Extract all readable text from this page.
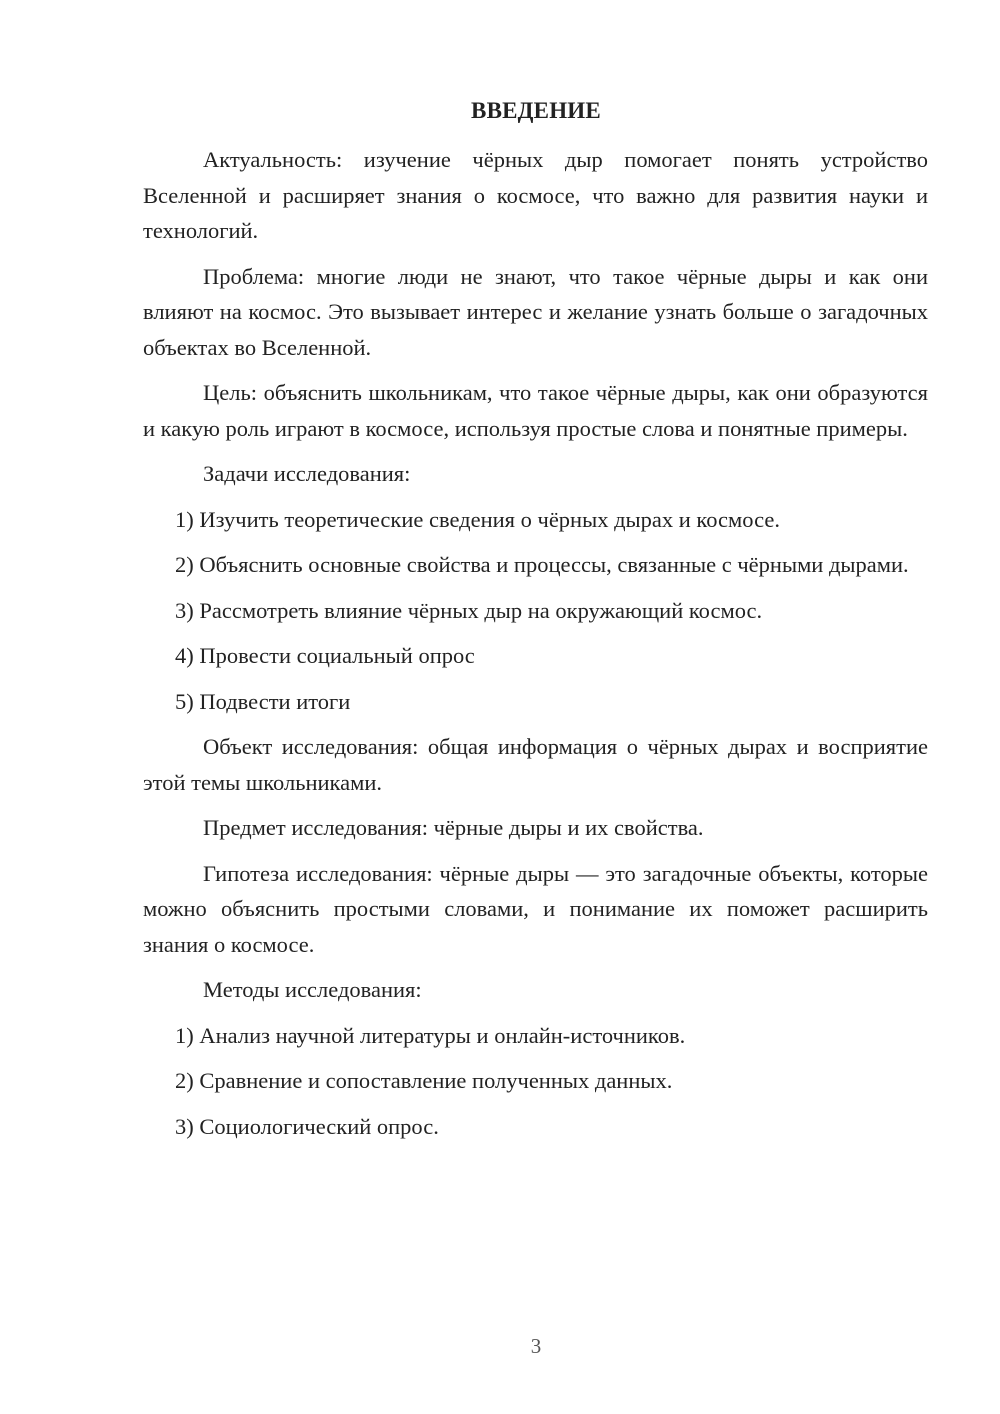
ВВЕДЕНИЕ

Актуальность: изучение чёрных дыр помогает понять устройство Вселенной и расширяет знания о космосе, что важно для развития науки и технологий.

Проблема: многие люди не знают, что такое чёрные дыры и как они влияют на космос. Это вызывает интерес и желание узнать больше о загадочных объектах во Вселенной.

Цель: объяснить школьникам, что такое чёрные дыры, как они образуются и какую роль играют в космосе, используя простые слова и понятные примеры.

Задачи исследования:

1) Изучить теоретические сведения о чёрных дырах и космосе.

2) Объяснить основные свойства и процессы, связанные с чёрными дырами.

3) Рассмотреть влияние чёрных дыр на окружающий космос.

4) Провести социальный опрос

5) Подвести итоги

Объект исследования: общая информация о чёрных дырах и восприятие этой темы школьниками.

Предмет исследования: чёрные дыры и их свойства.

Гипотеза исследования: чёрные дыры — это загадочные объекты, которые можно объяснить простыми словами, и понимание их поможет расширить знания о космосе.

Методы исследования:

1) Анализ научной литературы и онлайн-источников.

2) Сравнение и сопоставление полученных данных.

3) Социологический опрос.

3
